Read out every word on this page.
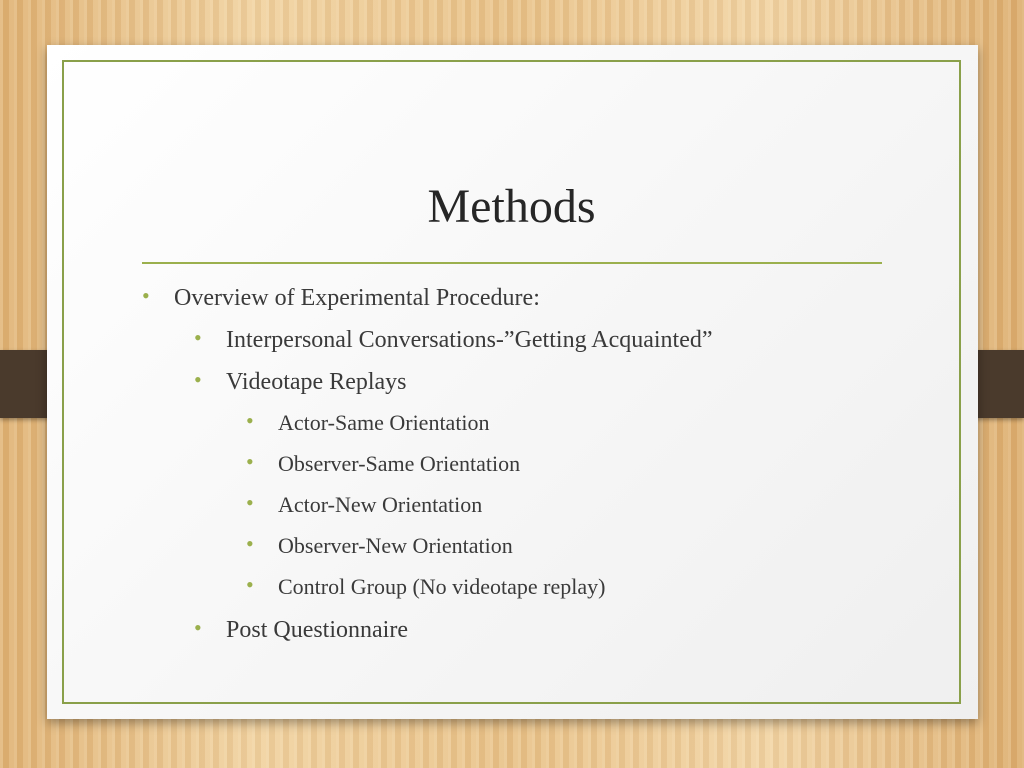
Methods
• Overview of Experimental Procedure:
• Interpersonal Conversations-”Getting Acquainted”
• Videotape Replays
• Actor-Same Orientation
• Observer-Same Orientation
• Actor-New Orientation
• Observer-New Orientation
• Control Group (No videotape replay)
• Post Questionnaire
